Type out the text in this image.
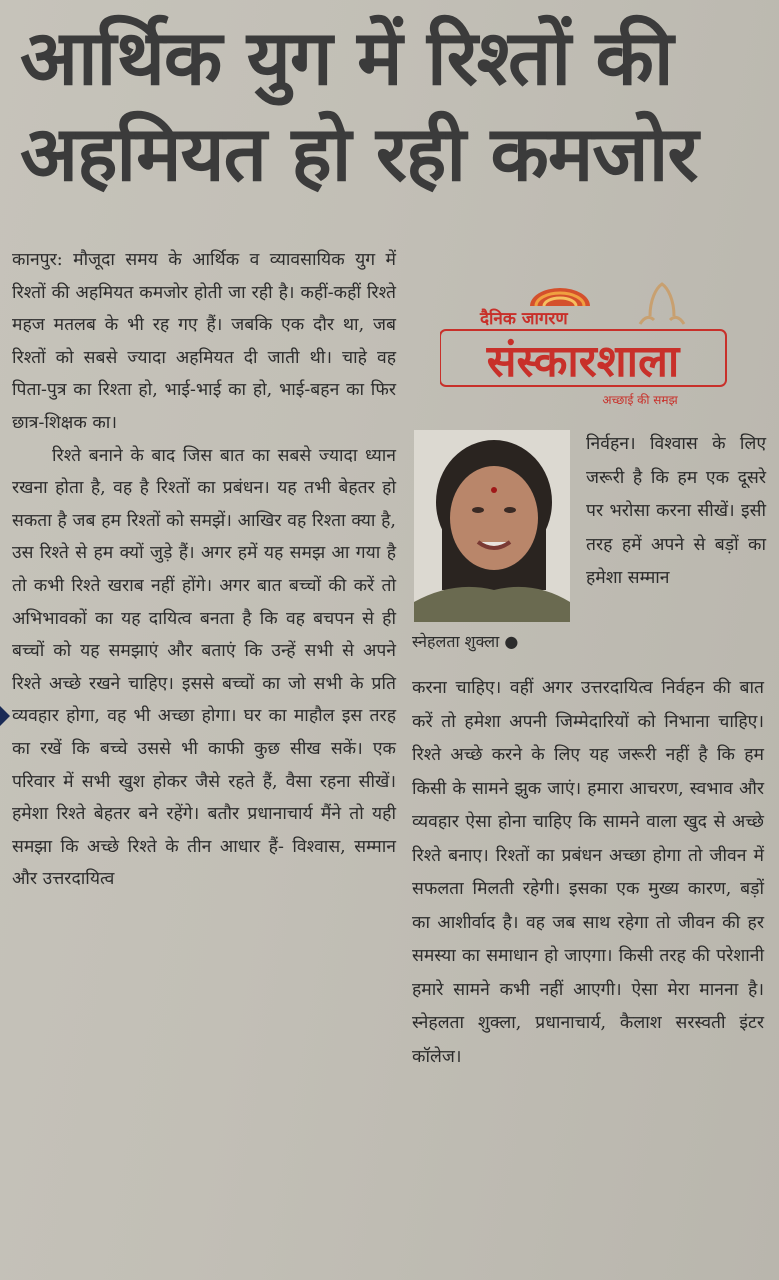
आर्थिक युग में रिश्तों की अहमियत हो रही कमजोर

कानपुर: मौजूदा समय के आर्थिक व व्यावसायिक युग में रिश्तों की अहमियत कमजोर होती जा रही है। कहीं-कहीं रिश्ते महज मतलब के भी रह गए हैं। जबकि एक दौर था, जब रिश्तों को सबसे ज्यादा अहमियत दी जाती थी। चाहे वह पिता-पुत्र का रिश्ता हो, भाई-भाई का हो, भाई-बहन का फिर छात्र-शिक्षक का।

रिश्ते बनाने के बाद जिस बात का सबसे ज्यादा ध्यान रखना होता है, वह है रिश्तों का प्रबंधन। यह तभी बेहतर हो सकता है जब हम रिश्तों को समझें। आखिर वह रिश्ता क्या है, उस रिश्ते से हम क्यों जुड़े हैं। अगर हमें यह समझ आ गया है तो कभी रिश्ते खराब नहीं होंगे। अगर बात बच्चों की करें तो अभिभावकों का यह दायित्व बनता है कि वह बचपन से ही बच्चों को यह समझाएं और बताएं कि उन्हें सभी से अपने रिश्ते अच्छे रखने चाहिए। इससे बच्चों का जो सभी के प्रति व्यवहार होगा, वह भी अच्छा होगा। घर का माहौल इस तरह का रखें कि बच्चे उससे भी काफी कुछ सीख सकें। एक परिवार में सभी खुश होकर जैसे रहते हैं, वैसा रहना सीखें। हमेशा रिश्ते बेहतर बने रहेंगे। बतौर प्रधानाचार्य मैंने तो यही समझा कि अच्छे रिश्ते के तीन आधार हैं- विश्वास, सम्मान और उत्तरदायित्व

दैनिक जागरण
संस्कारशाला
अच्छाई की समझ
स्नेहलता शुक्ला ●

निर्वहन। विश्वास के लिए जरूरी है कि हम एक दूसरे पर भरोसा करना सीखें। इसी तरह हमें अपने से बड़ों का हमेशा सम्मान

करना चाहिए। वहीं अगर उत्तरदायित्व निर्वहन की बात करें तो हमेशा अपनी जिम्मेदारियों को निभाना चाहिए। रिश्ते अच्छे करने के लिए यह जरूरी नहीं है कि हम किसी के सामने झुक जाएं। हमारा आचरण, स्वभाव और व्यवहार ऐसा होना चाहिए कि सामने वाला खुद से अच्छे रिश्ते बनाए। रिश्तों का प्रबंधन अच्छा होगा तो जीवन में सफलता मिलती रहेगी। इसका एक मुख्य कारण, बड़ों का आशीर्वाद है। वह जब साथ रहेगा तो जीवन की हर समस्या का समाधान हो जाएगा। किसी तरह की परेशानी हमारे सामने कभी नहीं आएगी। ऐसा मेरा मानना है। स्नेहलता शुक्ला, प्रधानाचार्य, कैलाश सरस्वती इंटर कॉलेज।
